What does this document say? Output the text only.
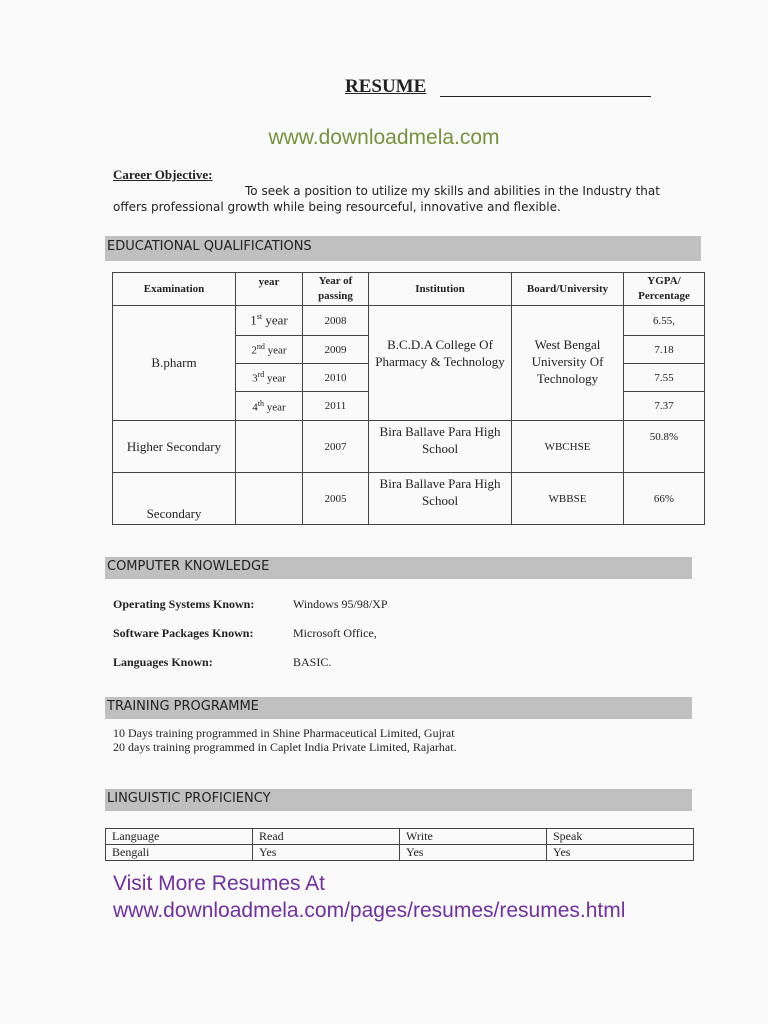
RESUME
www.downloadmela.com
Career Objective:
To seek a position to utilize my skills and abilities in the Industry that offers professional growth while being resourceful, innovative and flexible.
EDUCATIONAL QUALIFICATIONS
Examination	year	Year of passing	Institution	Board/University	YGPA/ Percentage
B.pharm	1st year	2008	B.C.D.A College Of Pharmacy & Technology	West Bengal University Of Technology	6.55,
	2nd year	2009			7.18
	3rd year	2010			7.55
	4th year	2011			7.37
Higher Secondary		2007	Bira Ballave Para High School	WBCHSE	50.8%
Secondary		2005	Bira Ballave Para High School	WBBSE	66%
COMPUTER KNOWLEDGE
Operating Systems Known:	Windows 95/98/XP
Software Packages Known:	Microsoft Office,
Languages Known:	BASIC.
TRAINING PROGRAMME
10 Days training programmed in Shine Pharmaceutical Limited, Gujrat
20 days training programmed in Caplet India Private Limited, Rajarhat.
LINGUISTIC PROFICIENCY
Language	Read	Write	Speak
Bengali	Yes	Yes	Yes
Visit More Resumes At
www.downloadmela.com/pages/resumes/resumes.html
